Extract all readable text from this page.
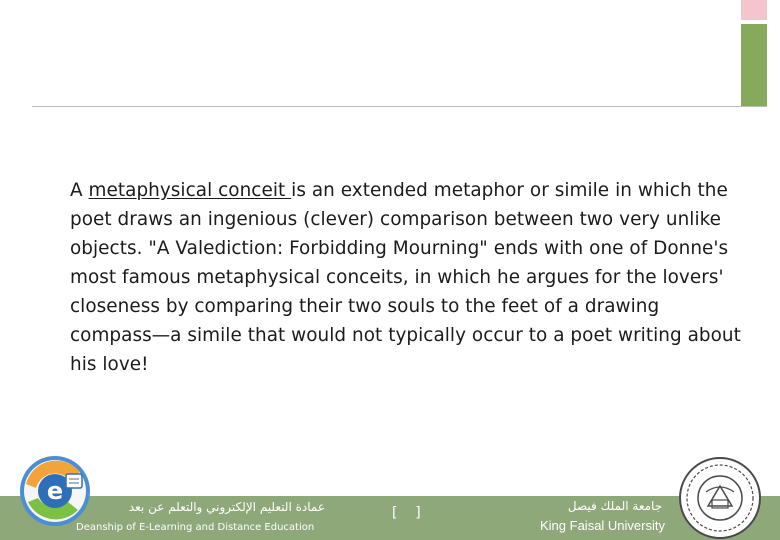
A metaphysical conceit is an extended metaphor or simile in which the poet draws an ingenious (clever) comparison between two very unlike objects. "A Valediction: Forbidding Mourning" ends with one of Donne's most famous metaphysical conceits, in which he argues for the lovers' closeness by comparing their two souls to the feet of a drawing compass—a simile that would not typically occur to a poet writing about his love!
e
عمادة التعليم الإلكتروني والتعلم عن بعد
Deanship of E-Learning and Distance Education
[    ]	جامعة الملك فيصل
King Faisal University
